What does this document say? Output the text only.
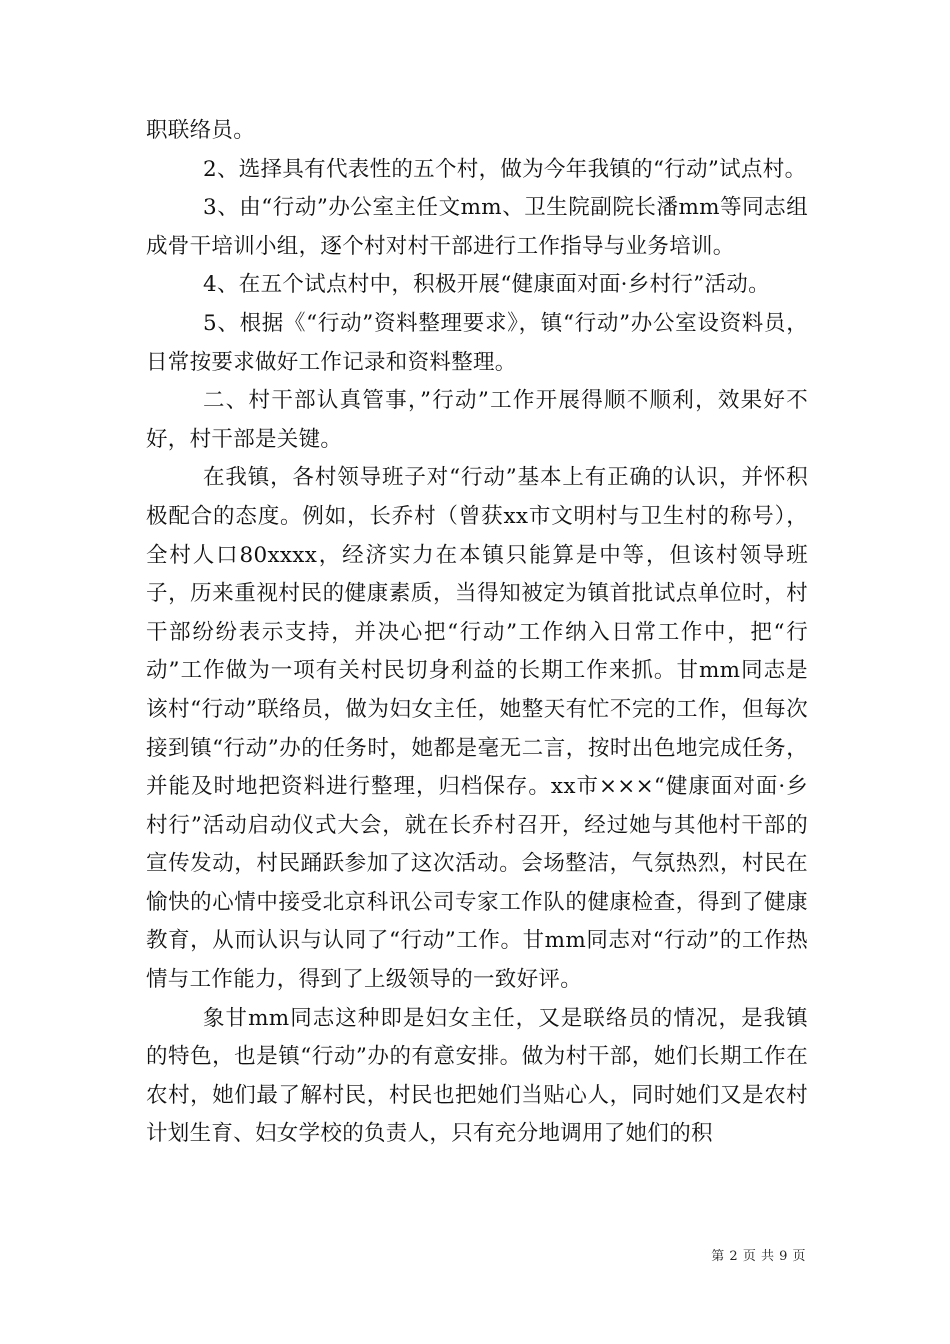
职联络员。

2、选择具有代表性的五个村，做为今年我镇的“行动”试点村。

3、由“行动”办公室主任文mm、卫生院副院长潘mm等同志组成骨干培训小组，逐个村对村干部进行工作指导与业务培训。

4、在五个试点村中，积极开展“健康面对面·乡村行”活动。

5、根据《“行动”资料整理要求》，镇“行动”办公室设资料员，日常按要求做好工作记录和资料整理。

二、村干部认真管事，”行动”工作开展得顺不顺利，效果好不好，村干部是关键。

在我镇，各村领导班子对“行动”基本上有正确的认识，并怀积极配合的态度。例如，长乔村（曾获xx市文明村与卫生村的称号），全村人口80xxxx，经济实力在本镇只能算是中等，但该村领导班子，历来重视村民的健康素质，当得知被定为镇首批试点单位时，村干部纷纷表示支持，并决心把“行动”工作纳入日常工作中，把“行动”工作做为一项有关村民切身利益的长期工作来抓。甘mm同志是该村“行动”联络员，做为妇女主任，她整天有忙不完的工作，但每次接到镇“行动”办的任务时，她都是毫无二言，按时出色地完成任务，并能及时地把资料进行整理，归档保存。xx市×××“健康面对面·乡村行”活动启动仪式大会，就在长乔村召开，经过她与其他村干部的宣传发动，村民踊跃参加了这次活动。会场整洁，气氛热烈，村民在愉快的心情中接受北京科讯公司专家工作队的健康检查，得到了健康教育，从而认识与认同了“行动”工作。甘mm同志对“行动”的工作热情与工作能力，得到了上级领导的一致好评。

象甘mm同志这种即是妇女主任，又是联络员的情况，是我镇的特色，也是镇“行动”办的有意安排。做为村干部，她们长期工作在农村，她们最了解村民，村民也把她们当贴心人，同时她们又是农村计划生育、妇女学校的负责人，只有充分地调用了她们的积

第 2 页 共 9 页
